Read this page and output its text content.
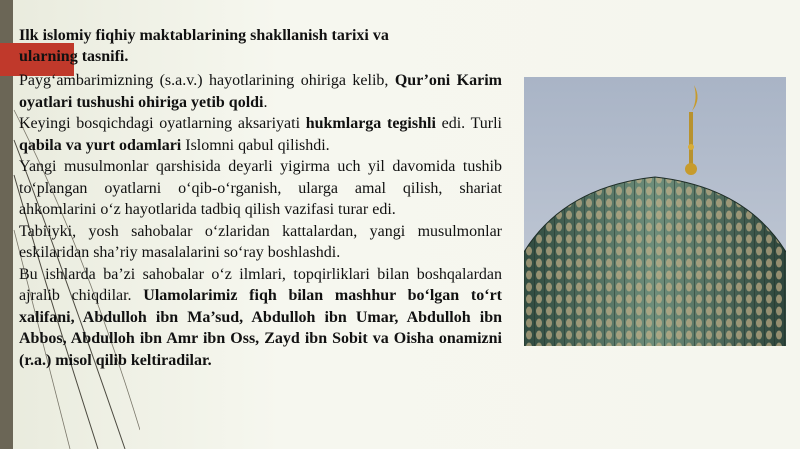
Ilk islomiy fiqhiy maktablarining shakllanish tarixi va ularning tasnifi.

Payg‘ambarimizning (s.a.v.) hayotlarining ohiriga kelib, Qur’oni Karim oyatlari tushushi ohiriga yetib qoldi.

Keyingi bosqichdagi oyatlarning aksariyati hukmlarga tegishli edi. Turli qabila va yurt odamlari Islomni qabul qilishdi.

Yangi musulmonlar qarshisida deyarli yigirma uch yil davomida tushib to‘plangan oyatlarni o‘qib-o‘rganish, ularga amal qilish, shariat ahkomlarini o‘z hayotlarida tadbiq qilish vazifasi turar edi.

Tabiiyki, yosh sahobalar o‘zlaridan kattalardan, yangi musulmonlar eskilaridan sha’riy masalalarini so‘ray boshlashdi.

Bu ishlarda ba’zi sahobalar o‘z ilmlari, topqirliklari bilan boshqalardan ajralib chiqdilar. Ulamolarimiz fiqh bilan mashhur bo‘lgan to‘rt xalifani, Abdulloh ibn Ma’sud, Abdulloh ibn Umar, Abdulloh ibn Abbos, Abdulloh ibn Amr ibn Oss, Zayd ibn Sobit va Oisha onamizni (r.a.) misol qilib keltiradilar.
